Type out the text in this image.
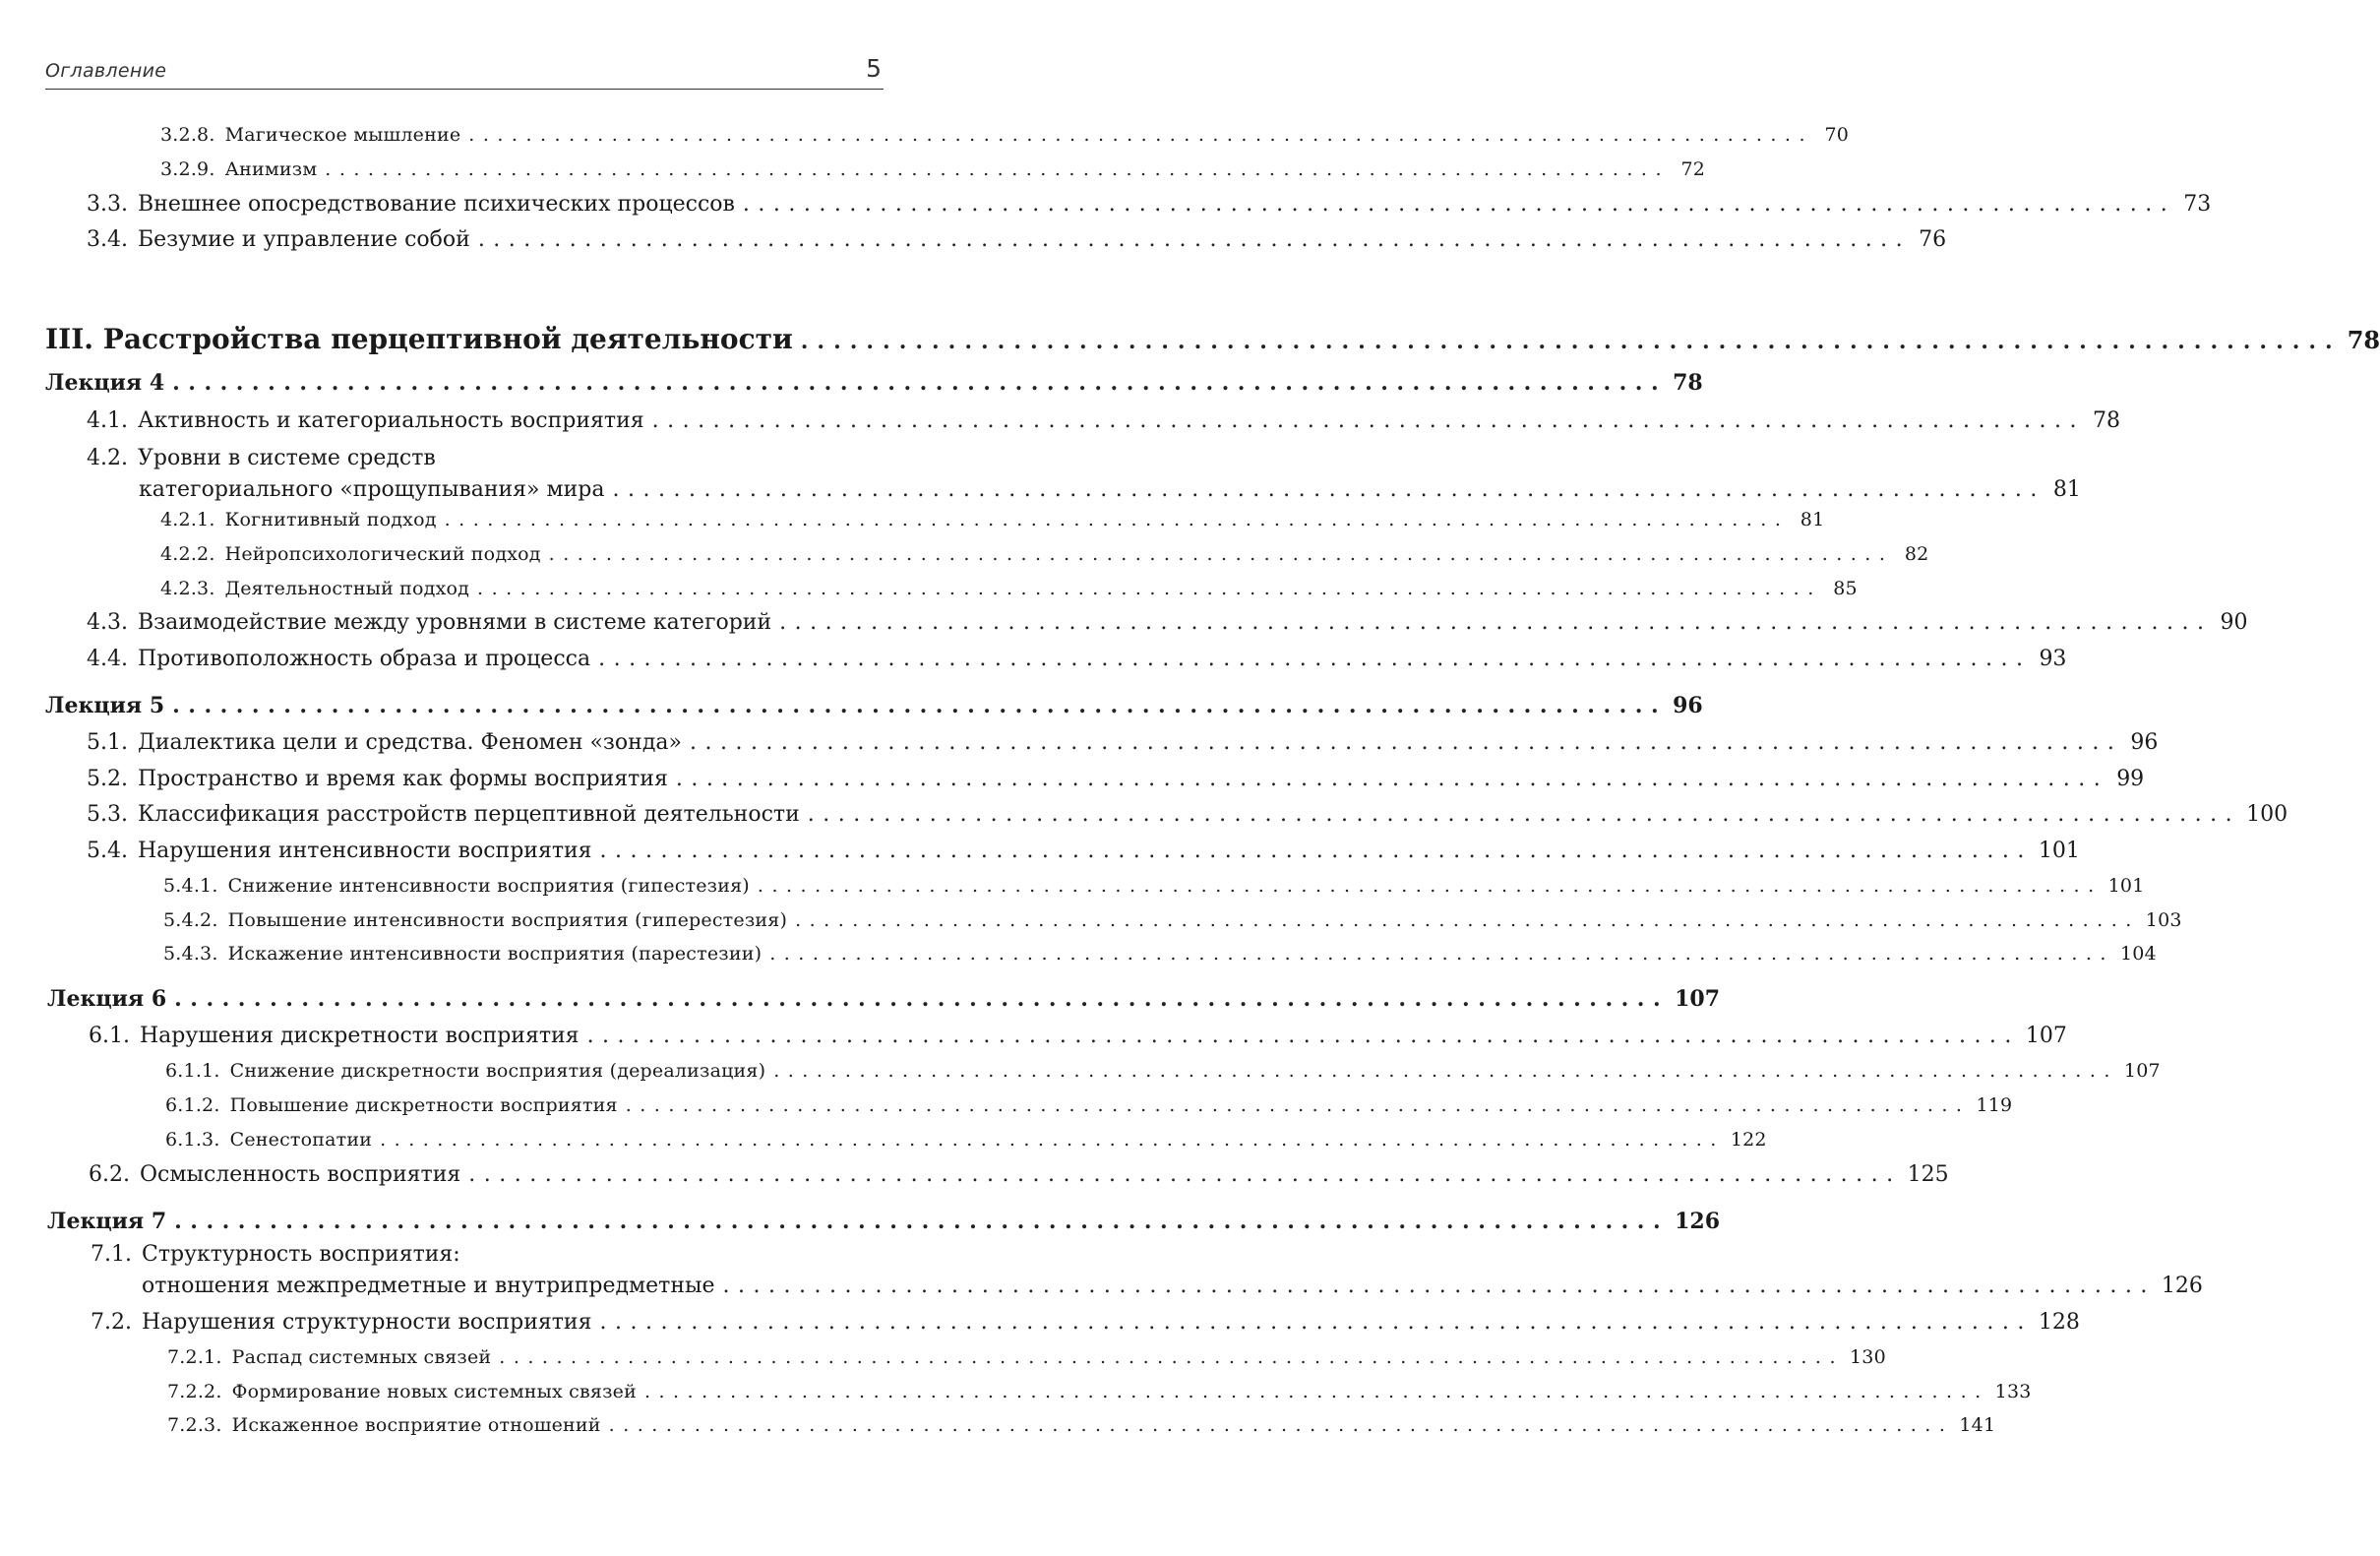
Оглавление	5
3.2.8. Магическое мышление .............................................................................................. 70
3.2.9. Анимизм .............................................................................................. 72
3.3. Внешнее опосредствование психических процессов .............................................................................................. 73
3.4. Безумие и управление собой .............................................................................................. 76
III. Расстройства перцептивной деятельности .............................................................................................. 78
Лекция 4 .............................................................................................. 78
4.1. Активность и категориальность восприятия .............................................................................................. 78
4.2. Уровни в системе средств
категориального «прощупывания» мира .............................................................................................. 81
4.2.1. Когнитивный подход .............................................................................................. 81
4.2.2. Нейропсихологический подход .............................................................................................. 82
4.2.3. Деятельностный подход .............................................................................................. 85
4.3. Взаимодействие между уровнями в системе категорий .............................................................................................. 90
4.4. Противоположность образа и процесса .............................................................................................. 93
Лекция 5 .............................................................................................. 96
5.1. Диалектика цели и средства. Феномен «зонда» .............................................................................................. 96
5.2. Пространство и время как формы восприятия .............................................................................................. 99
5.3. Классификация расстройств перцептивной деятельности .............................................................................................. 100
5.4. Нарушения интенсивности восприятия .............................................................................................. 101
5.4.1. Снижение интенсивности восприятия (гипестезия) .............................................................................................. 101
5.4.2. Повышение интенсивности восприятия (гиперестезия) .............................................................................................. 103
5.4.3. Искажение интенсивности восприятия (парестезии) .............................................................................................. 104
Лекция 6 .............................................................................................. 107
6.1. Нарушения дискретности восприятия .............................................................................................. 107
6.1.1. Снижение дискретности восприятия (дереализация) .............................................................................................. 107
6.1.2. Повышение дискретности восприятия .............................................................................................. 119
6.1.3. Сенестопатии .............................................................................................. 122
6.2. Осмысленность восприятия .............................................................................................. 125
Лекция 7 .............................................................................................. 126
7.1. Структурность восприятия:
отношения межпредметные и внутрипредметные .............................................................................................. 126
7.2. Нарушения структурности восприятия .............................................................................................. 128
7.2.1. Распад системных связей .............................................................................................. 130
7.2.2. Формирование новых системных связей .............................................................................................. 133
7.2.3. Искаженное восприятие отношений .............................................................................................. 141
